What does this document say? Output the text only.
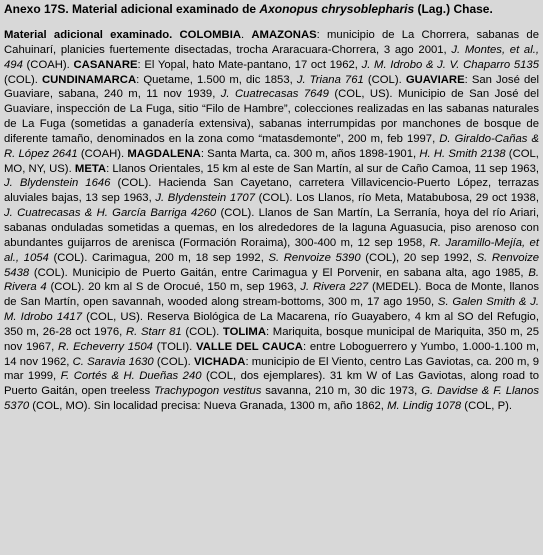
Anexo 17S. Material adicional examinado de Axonopus chrysoblepharis (Lag.) Chase.

Material adicional examinado. COLOMBIA. AMAZONAS: municipio de La Chorrera, sabanas de Cahuinarí, planicies fuertemente disectadas, trocha Araracuara-Chorrera, 3 ago 2001, J. Montes, et al., 494 (COAH). CASANARE: El Yopal, hato Mate-pantano, 17 oct 1962, J. M. Idrobo & J. V. Chaparro 5135 (COL). CUNDINAMARCA: Quetame, 1.500 m, dic 1853, J. Triana 761 (COL). GUAVIARE: San José del Guaviare, sabana, 240 m, 11 nov 1939, J. Cuatrecasas 7649 (COL, US). Municipio de San José del Guaviare, inspección de La Fuga, sitio “Filo de Hambre”, colecciones realizadas en las sabanas naturales de La Fuga (sometidas a ganadería extensiva), sabanas interrumpidas por manchones de bosque de diferente tamaño, denominados en la zona como “matasdemonte”, 200 m, feb 1997, D. Giraldo-Cañas & R. López 2641 (COAH). MAGDALENA: Santa Marta, ca. 300 m, años 1898-1901, H. H. Smith 2138 (COL, MO, NY, US). META: Llanos Orientales, 15 km al este de San Martín, al sur de Caño Camoa, 11 sep 1963, J. Blydenstein 1646 (COL). Hacienda San Cayetano, carretera Villavicencio-Puerto López, terrazas aluviales bajas, 13 sep 1963, J. Blydenstein 1707 (COL). Los Llanos, río Meta, Matabubosa, 29 oct 1938, J. Cuatrecasas & H. García Barriga 4260 (COL). Llanos de San Martín, La Serranía, hoya del río Ariari, sabanas onduladas sometidas a quemas, en los alrededores de la laguna Aguasucia, piso arenoso con abundantes guijarros de arenisca (Formación Roraima), 300-400 m, 12 sep 1958, R. Jaramillo-Mejía, et al., 1054 (COL). Carimagua, 200 m, 18 sep 1992, S. Renvoize 5390 (COL), 20 sep 1992, S. Renvoize 5438 (COL). Municipio de Puerto Gaitán, entre Carimagua y El Porvenir, en sabana alta, ago 1985, B. Rivera 4 (COL). 20 km al S de Orocué, 150 m, sep 1963, J. Rivera 227 (MEDEL). Boca de Monte, llanos de San Martín, open savannah, wooded along stream-bottoms, 300 m, 17 ago 1950, S. Galen Smith & J. M. Idrobo 1417 (COL, US). Reserva Biológica de La Macarena, río Guayabero, 4 km al SO del Refugio, 350 m, 26-28 oct 1976, R. Starr 81 (COL). TOLIMA: Mariquita, bosque municipal de Mariquita, 350 m, 25 nov 1967, R. Echeverry 1504 (TOLI). VALLE DEL CAUCA: entre Loboguerrero y Yumbo, 1.000-1.100 m, 14 nov 1962, C. Saravia 1630 (COL). VICHADA: municipio de El Viento, centro Las Gaviotas, ca. 200 m, 9 mar 1999, F. Cortés & H. Dueñas 240 (COL, dos ejemplares). 31 km W of Las Gaviotas, along road to Puerto Gaitán, open treeless Trachypogon vestitus savanna, 210 m, 30 dic 1973, G. Davidse & F. Llanos 5370 (COL, MO). Sin localidad precisa: Nueva Granada, 1300 m, año 1862, M. Lindig 1078 (COL, P).
